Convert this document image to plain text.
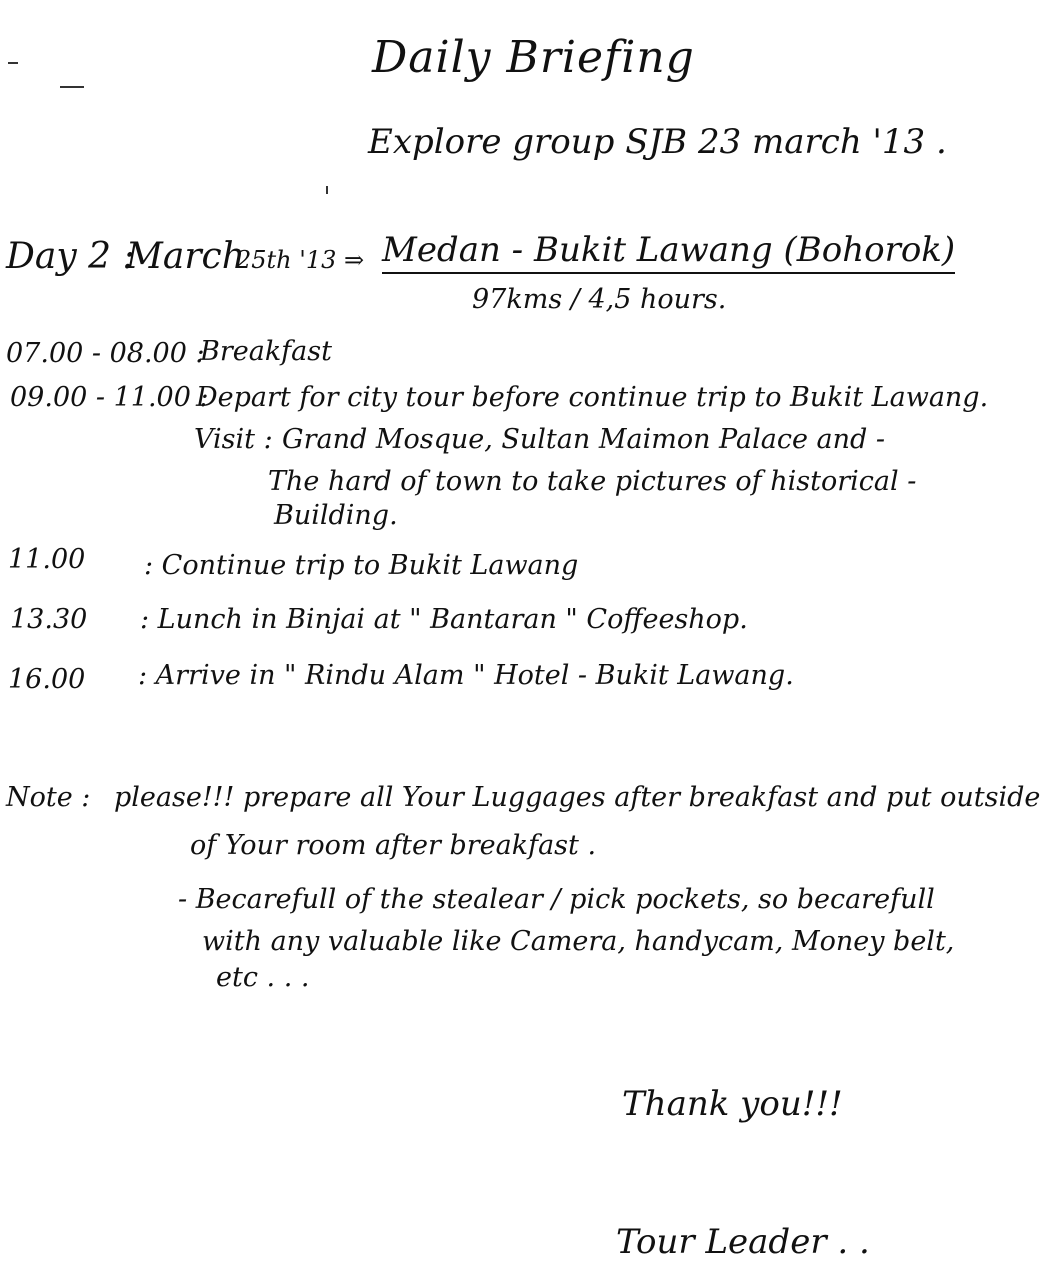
Daily Briefing
Explore group SJB 23 march '13 .
Day 2 :
March
25th '13 ⇒ Medan - Bukit Lawang (Bohorok)
97kms / 4,5 hours.
07.00 - 08.00 :
Breakfast
09.00 - 11.00 :
Depart for city tour before continue trip to Bukit Lawang.
Visit : Grand Mosque, Sultan Maimon Palace and -
The hard of town to take pictures of historical -
Building.
11.00 : Continue trip to Bukit Lawang
13.30 : Lunch in Binjai at " Bantaran " Coffeeshop.
16.00 : Arrive in " Rindu Alam " Hotel - Bukit Lawang.
Note : please!!! prepare all Your Luggages after breakfast and put outside
of Your room after breakfast .
- Becarefull of the stealear / pick pockets, so becarefull
with any valuable like Camera, handycam, Money belt,
etc . . .
Thank you!!!
Tour Leader . .
